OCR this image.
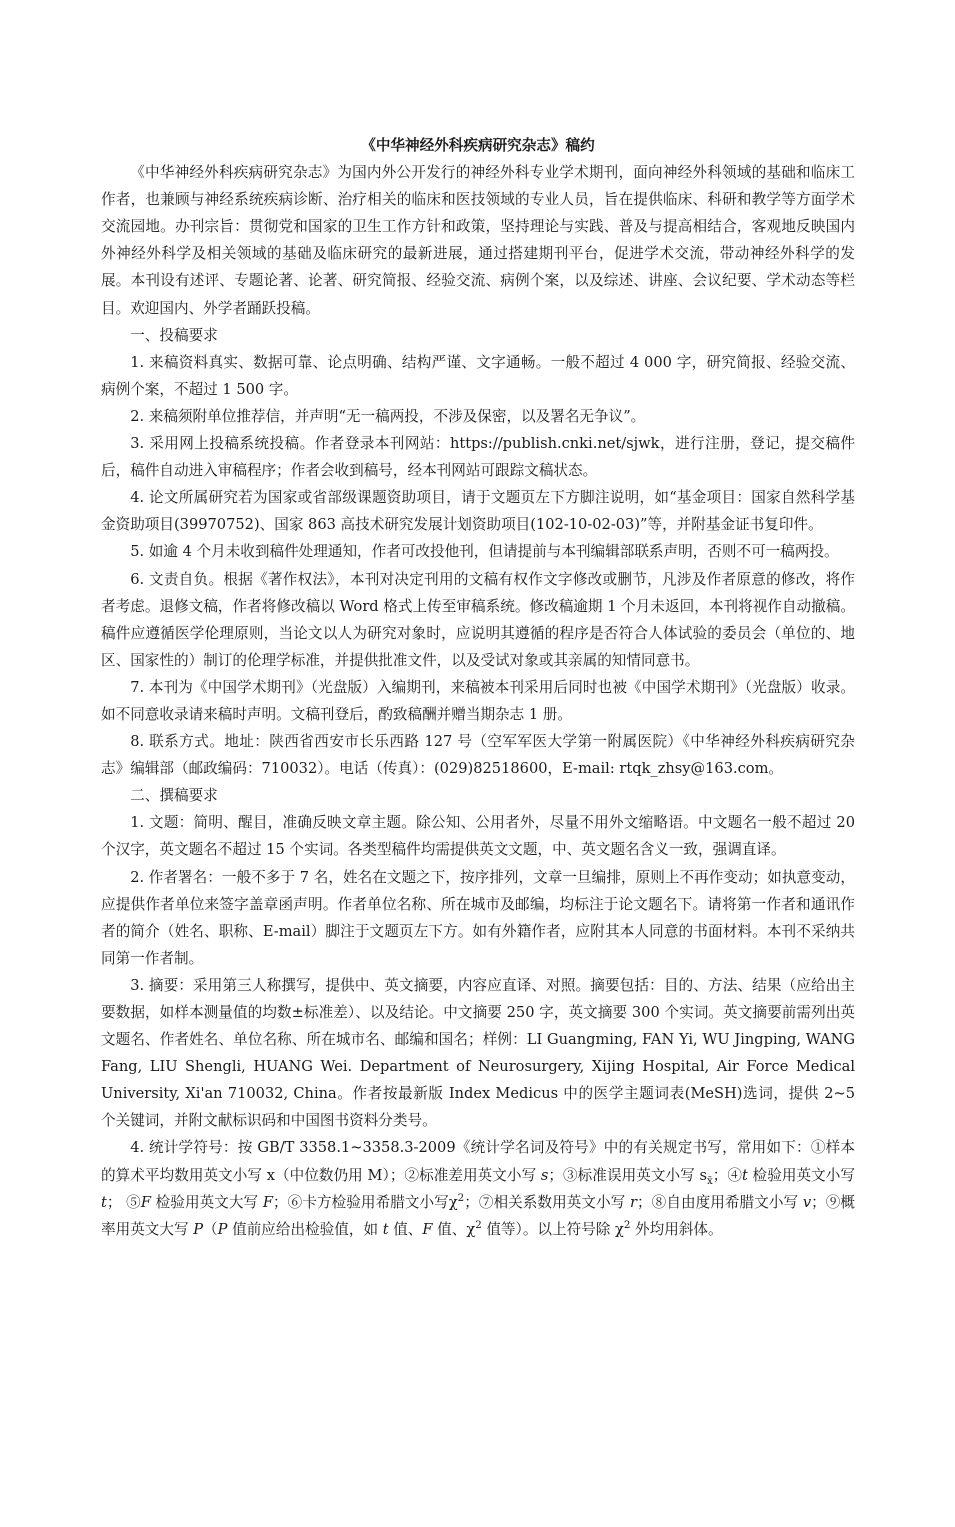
《中华神经外科疾病研究杂志》稿约

《中华神经外科疾病研究杂志》为国内外公开发行的神经外科专业学术期刊，面向神经外科领域的基础和临床工作者，也兼顾与神经系统疾病诊断、治疗相关的临床和医技领域的专业人员，旨在提供临床、科研和教学等方面学术交流园地。办刊宗旨：贯彻党和国家的卫生工作方针和政策，坚持理论与实践、普及与提高相结合，客观地反映国内外神经外科学及相关领域的基础及临床研究的最新进展，通过搭建期刊平台，促进学术交流，带动神经外科学的发展。本刊设有述评、专题论著、论著、研究简报、经验交流、病例个案，以及综述、讲座、会议纪要、学术动态等栏目。欢迎国内、外学者踊跃投稿。

一、投稿要求

1. 来稿资料真实、数据可靠、论点明确、结构严谨、文字通畅。一般不超过 4 000 字，研究简报、经验交流、病例个案，不超过 1 500 字。

2. 来稿须附单位推荐信，并声明“无一稿两投，不涉及保密，以及署名无争议”。

3. 采用网上投稿系统投稿。作者登录本刊网站：https://publish.cnki.net/sjwk，进行注册，登记，提交稿件后，稿件自动进入审稿程序；作者会收到稿号，经本刊网站可跟踪文稿状态。

4. 论文所属研究若为国家或省部级课题资助项目，请于文题页左下方脚注说明，如“基金项目：国家自然科学基金资助项目(39970752)、国家 863 高技术研究发展计划资助项目(102-10-02-03)”等，并附基金证书复印件。

5. 如逾 4 个月未收到稿件处理通知，作者可改投他刊，但请提前与本刊编辑部联系声明，否则不可一稿两投。

6. 文责自负。根据《著作权法》，本刊对决定刊用的文稿有权作文字修改或删节，凡涉及作者原意的修改，将作者考虑。退修文稿，作者将修改稿以 Word 格式上传至审稿系统。修改稿逾期 1 个月未返回，本刊将视作自动撤稿。稿件应遵循医学伦理原则，当论文以人为研究对象时，应说明其遵循的程序是否符合人体试验的委员会（单位的、地区、国家性的）制订的伦理学标准，并提供批准文件，以及受试对象或其亲属的知情同意书。

7. 本刊为《中国学术期刊》（光盘版）入编期刊，来稿被本刊采用后同时也被《中国学术期刊》（光盘版）收录。如不同意收录请来稿时声明。文稿刊登后，酌致稿酬并赠当期杂志 1 册。

8. 联系方式。地址：陕西省西安市长乐西路 127 号（空军军医大学第一附属医院）《中华神经外科疾病研究杂志》编辑部（邮政编码：710032）。电话（传真）：(029)82518600，E-mail: rtqk_zhsy@163.com。

二、撰稿要求

1. 文题：简明、醒目，准确反映文章主题。除公知、公用者外，尽量不用外文缩略语。中文题名一般不超过 20 个汉字，英文题名不超过 15 个实词。各类型稿件均需提供英文文题，中、英文题名含义一致，强调直译。

2. 作者署名：一般不多于 7 名，姓名在文题之下，按序排列，文章一旦编排，原则上不再作变动；如执意变动，应提供作者单位来签字盖章函声明。作者单位名称、所在城市及邮编，均标注于论文题名下。请将第一作者和通讯作者的简介（姓名、职称、E-mail）脚注于文题页左下方。如有外籍作者，应附其本人同意的书面材料。本刊不采纳共同第一作者制。

3. 摘要：采用第三人称撰写，提供中、英文摘要，内容应直译、对照。摘要包括：目的、方法、结果（应给出主要数据，如样本测量值的均数±标准差）、以及结论。中文摘要 250 字，英文摘要 300 个实词。英文摘要前需列出英文题名、作者姓名、单位名称、所在城市名、邮编和国名；样例：LI Guangming, FAN Yi, WU Jingping, WANG Fang, LIU Shengli, HUANG Wei. Department of Neurosurgery, Xijing Hospital, Air Force Medical University, Xi'an 710032, China。作者按最新版 Index Medicus 中的医学主题词表(MeSH)选词，提供 2~5 个关键词，并附文献标识码和中国图书资料分类号。

4. 统计学符号：按 GB/T 3358.1~3358.3-2009《统计学名词及符号》中的有关规定书写，常用如下：①样本的算术平均数用英文小写 x（中位数仍用 M）；②标准差用英文小写 s；③标准误用英文小写 $s_{x̄}$；④t 检验用英文小写 t； ⑤F 检验用英文大写 F；⑥卡方检验用希腊文小写$\chi^2$；⑦相关系数用英文小写 r；⑧自由度用希腊文小写 v；⑨概率用英文大写 P（P 值前应给出检验值，如 t 值、F 值、$\chi^2$ 值等）。以上符号除 $\chi^2$ 外均用斜体。
